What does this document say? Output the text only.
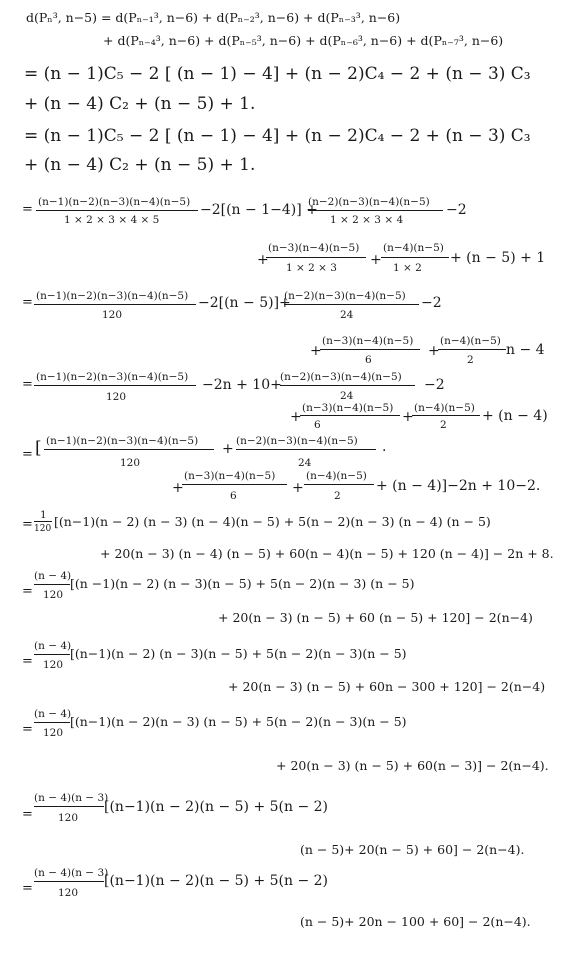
d(Pₙ³, n−5) = d(Pₙ₋₁³, n−6) + d(Pₙ₋₂³, n−6) + d(Pₙ₋₃³, n−6)
+ d(Pₙ₋₄³, n−6) + d(Pₙ₋₅³, n−6) + d(Pₙ₋₆³, n−6) + d(Pₙ₋₇³, n−6)
= (n − 1)C₅ − 2 [ (n − 1) − 4] + (n − 2)C₄ − 2 + (n − 3) C₃
+ (n − 4) C₂ + (n − 5) + 1.
= (n − 1)C₅ − 2 [ (n − 1) − 4] + (n − 2)C₄ − 2 + (n − 3) C₃
+ (n − 4) C₂ + (n − 5) + 1.
= (n−1)(n−2)(n−3)(n−4)(n−5)
1 × 2 × 3 × 4 × 5
−2[(n − 1−4)] +
(n−2)(n−3)(n−4)(n−5)
1 × 2 × 3 × 4
−2
+
(n−3)(n−4)(n−5)
1 × 2 × 3 +
(n−4)(n−5)
1 × 2
+ (n − 5) + 1
= (n−1)(n−2)(n−3)(n−4)(n−5)
120
−2[(n − 5)]+
(n−2)(n−3)(n−4)(n−5)
24
−2
+
(n−3)(n−4)(n−5)
6
+
(n−4)(n−5)
2
n − 4
= (n−1)(n−2)(n−3)(n−4)(n−5)
120
−2n + 10+
(n−2)(n−3)(n−4)(n−5)
24
−2
+
(n−3)(n−4)(n−5)
6	+
(n−4)(n−5)
2
+ (n − 4)
= [ (n−1)(n−2)(n−3)(n−4)(n−5)
120
+ (n−2)(n−3)(n−4)(n−5)
24
·
+
(n−3)(n−4)(n−5)
6	+
(n−4)(n−5)
2
+ (n − 4)]−2n + 10−2.
=
1
120 [(n−1)(n − 2) (n − 3) (n − 4)(n − 5) + 5(n − 2)(n − 3) (n − 4) (n − 5)
+ 20(n − 3) (n − 4) (n − 5) + 60(n − 4)(n − 5) + 120 (n − 4)] − 2n + 8.
=
(n − 4)
120
[(n −1)(n − 2) (n − 3)(n − 5) + 5(n − 2)(n − 3) (n − 5)
+ 20(n − 3) (n − 5) + 60 (n − 5) + 120] − 2(n−4)
=
(n − 4)
120
[(n−1)(n − 2) (n − 3)(n − 5) + 5(n − 2)(n − 3)(n − 5)
+ 20(n − 3) (n − 5) + 60n − 300 + 120] − 2(n−4)
=
(n − 4)
120
[(n−1)(n − 2)(n − 3) (n − 5) + 5(n − 2)(n − 3)(n − 5)
+ 20(n − 3) (n − 5) + 60(n − 3)] − 2(n−4).
=
(n − 4)(n − 3)
120
[(n−1)(n − 2)(n − 5) + 5(n − 2)
(n − 5)+ 20(n − 5) + 60] − 2(n−4).
=
(n − 4)(n − 3)
120
[(n−1)(n − 2)(n − 5) + 5(n − 2)
(n − 5)+ 20n − 100 + 60] − 2(n−4).
